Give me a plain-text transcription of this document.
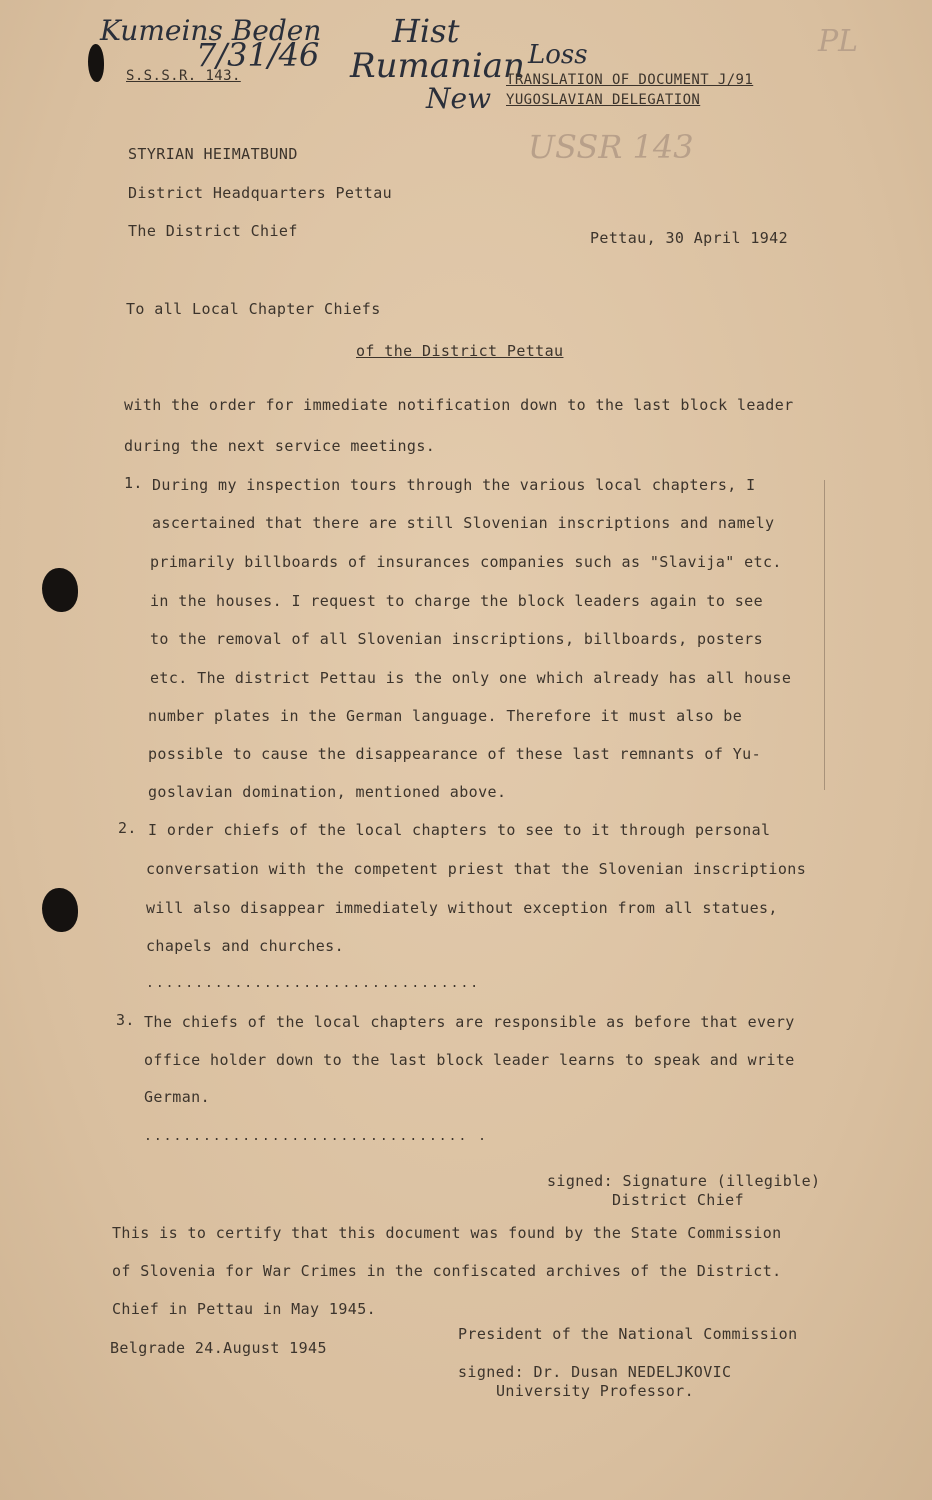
Kumeins Beden
7/31/46
Hist
Rumanian
New
Loss	PL
USSR 143
S.S.S.R. 143.	TRANSLATION OF DOCUMENT J/91
YUGOSLAVIAN DELEGATION
STYRIAN HEIMATBUND
District Headquarters Pettau
The District Chief	Pettau, 30 April 1942
To all Local Chapter Chiefs
of the District Pettau
with the order for immediate notification down to the last block leader
during the next service meetings.
1. During my inspection tours through the various local chapters, I
ascertained that there are still Slovenian inscriptions and namely
primarily billboards of insurances companies such as "Slavija" etc.
in the houses. I request to charge the block leaders again to see
to the removal of all Slovenian inscriptions, billboards, posters
etc. The district Pettau is the only one which already has all house
number plates in the German language. Therefore it must also be
possible to cause the disappearance of these last remnants of Yu-
goslavian domination, mentioned above.
2. I order chiefs of the local chapters to see to it through personal
conversation with the competent priest that the Slovenian inscriptions
will also disappear immediately without exception from all statues,
chapels and churches.
..................................
3. The chiefs of the local chapters are responsible as before that every
office holder down to the last block leader learns to speak and write
German.
................................. .
signed: Signature (illegible)
District Chief
This is to certify that this document was found by the State Commission
of Slovenia for War Crimes in the confiscated archives of the District.
Chief in Pettau in May 1945.
Belgrade 24.August 1945
President of the National Commission
signed: Dr. Dusan NEDELJKOVIC
University Professor.
